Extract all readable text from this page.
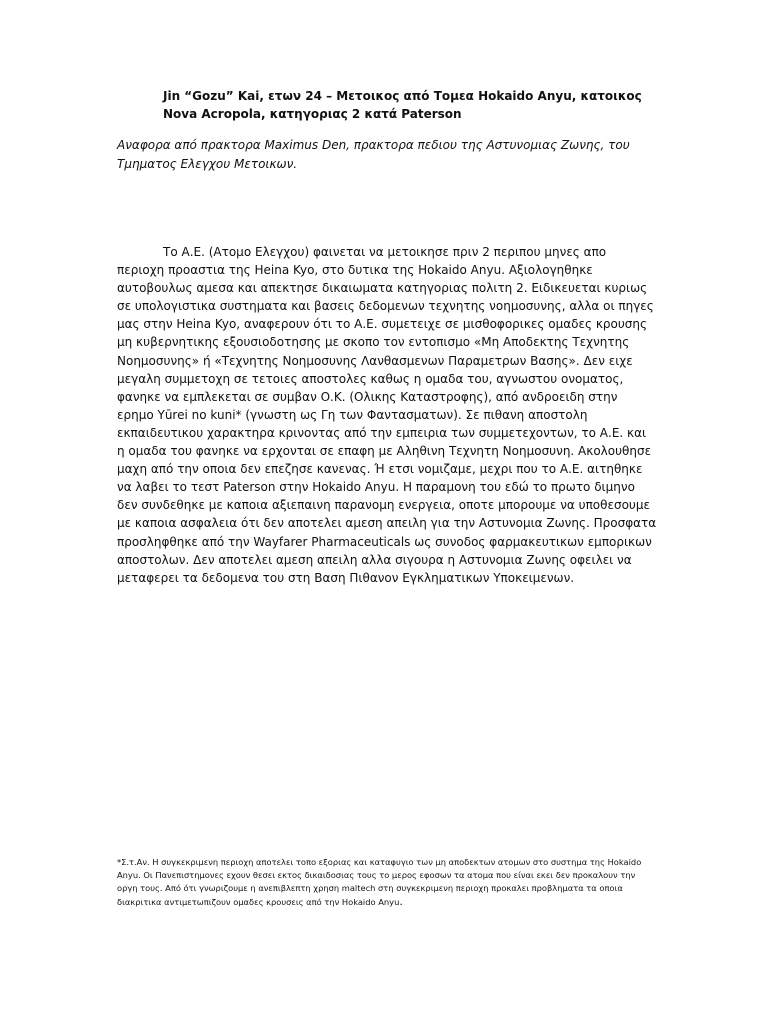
Jin “Gozu” Kai, ετων 24 – Μετοικος από Τομεα Hokaido Anyu, κατοικος Nova Acropola, κατηγοριας 2 κατά Paterson

Αναφορα από πρακτορα Maximus Den, πρακτορα πεδιου της Αστυνομιας Ζωνης, του Τμηματος Ελεγχου Μετοικων.

Το Α.Ε. (Ατομο Ελεγχου) φαινεται να μετοικησε πριν 2 περιπου μηνες απο περιοχη προαστια της Heina Kyo, στο δυτικα της Hokaido Anyu. Αξιολογηθηκε αυτοβουλως αμεσα και απεκτησε δικαιωματα κατηγοριας πολιτη 2. Ειδικευεται κυριως σε υπολογιστικα συστηματα και βασεις δεδομενων τεχνητης νοημοσυνης, αλλα οι πηγες μας στην Heina Kyo, αναφερουν ότι το Α.Ε. συμετειχε σε μισθοφορικες ομαδες κρουσης μη κυβερνητικης εξουσιοδοτησης με σκοπο τον εντοπισμο «Μη Αποδεκτης Τεχνητης Νοημοσυνης» ή «Τεχνητης Νοημοσυνης Λανθασμενων Παραμετρων Βασης». Δεν ειχε μεγαλη συμμετοχη σε τετοιες αποστολες καθως η ομαδα του, αγνωστου ονοματος, φανηκε να εμπλεκεται σε συμβαν Ο.Κ. (Ολικης Καταστροφης), από ανδροειδη στην ερημο Yūrei no kuni* (γνωστη ως Γη των Φαντασματων). Σε πιθανη αποστολη εκπαιδευτικου χαρακτηρα κρινοντας από την εμπειρια των συμμετεχοντων, το Α.Ε. και η ομαδα του φανηκε να ερχονται σε επαφη με Αληθινη Τεχνητη Νοημοσυνη. Ακολουθησε μαχη από την οποια δεν επεζησε κανενας. Ή ετσι νομιζαμε, μεχρι που το Α.Ε. αιτηθηκε να λαβει το τεστ Paterson στην Hokaido Anyu. Η παραμονη του εδώ το πρωτο διμηνο δεν συνδεθηκε με καποια αξιεπαινη παρανομη ενεργεια, οποτε μπορουμε να υποθεσουμε με καποια ασφαλεια ότι δεν αποτελει αμεση απειλη για την Αστυνομια Ζωνης. Προσφατα προσληφθηκε από την Wayfarer Pharmaceuticals ως συνοδος φαρμακευτικων εμπορικων αποστολων. Δεν αποτελει αμεση απειλη αλλα σιγουρα η Αστυνομια Ζωνης οφειλει να μεταφερει τα δεδομενα του στη Βαση Πιθανον Εγκληματικων Υποκειμενων.

*Σ.τ.Αν. Η συγκεκριμενη περιοχη αποτελει τοπο εξοριας και καταφυγιο των μη αποδεκτων ατομων στο συστημα της Hokaido Anyu. Οι Πανεπιστημονες εχουν θεσει εκτος δικαιδοσιας τους το μερος εφοσων τα ατομα που είναι εκει δεν προκαλουν την οργη τους. Από ότι γνωριζουμε η ανεπιβλεπτη χρηση maltech στη συγκεκριμενη περιοχη προκαλει προβληματα τα οποια διακριτικα αντιμετωπιζουν ομαδες κρουσεις από την Hokaido Anyu.
